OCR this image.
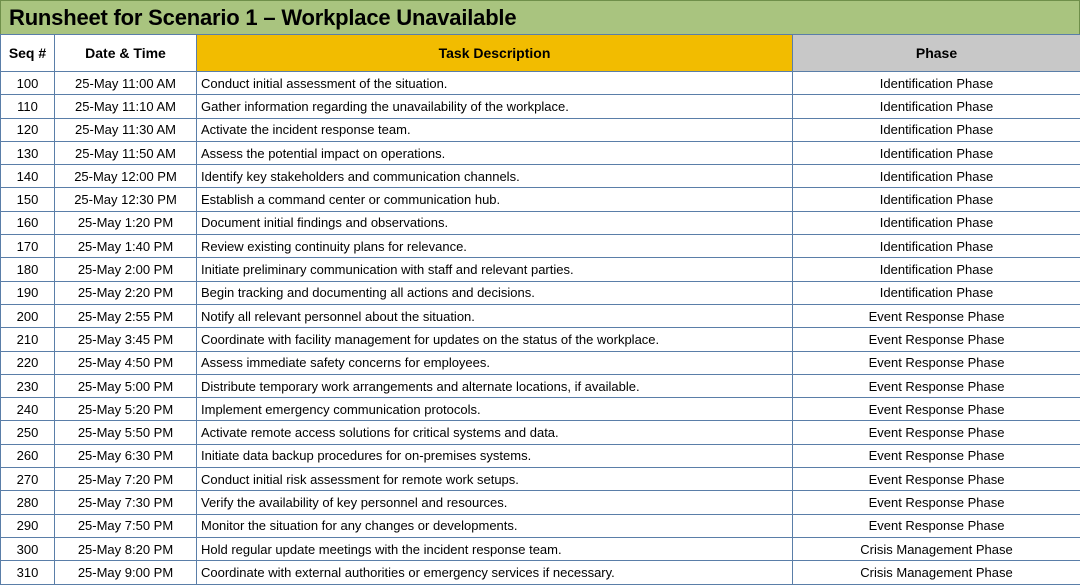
Runsheet for Scenario 1 – Workplace Unavailable
Seq #	Date & Time	Task Description	Phase
100	25-May 11:00 AM	Conduct initial assessment of the situation.	Identification Phase
110	25-May 11:10 AM	Gather information regarding the unavailability of the workplace.	Identification Phase
120	25-May 11:30 AM	Activate the incident response team.	Identification Phase
130	25-May 11:50 AM	Assess the potential impact on operations.	Identification Phase
140	25-May 12:00 PM	Identify key stakeholders and communication channels.	Identification Phase
150	25-May 12:30 PM	Establish a command center or communication hub.	Identification Phase
160	25-May 1:20 PM	Document initial findings and observations.	Identification Phase
170	25-May 1:40 PM	Review existing continuity plans for relevance.	Identification Phase
180	25-May 2:00 PM	Initiate preliminary communication with staff and relevant parties.	Identification Phase
190	25-May 2:20 PM	Begin tracking and documenting all actions and decisions.	Identification Phase
200	25-May 2:55 PM	Notify all relevant personnel about the situation.	Event Response Phase
210	25-May 3:45 PM	Coordinate with facility management for updates on the status of the workplace.	Event Response Phase
220	25-May 4:50 PM	Assess immediate safety concerns for employees.	Event Response Phase
230	25-May 5:00 PM	Distribute temporary work arrangements and alternate locations, if available.	Event Response Phase
240	25-May 5:20 PM	Implement emergency communication protocols.	Event Response Phase
250	25-May 5:50 PM	Activate remote access solutions for critical systems and data.	Event Response Phase
260	25-May 6:30 PM	Initiate data backup procedures for on-premises systems.	Event Response Phase
270	25-May 7:20 PM	Conduct initial risk assessment for remote work setups.	Event Response Phase
280	25-May 7:30 PM	Verify the availability of key personnel and resources.	Event Response Phase
290	25-May 7:50 PM	Monitor the situation for any changes or developments.	Event Response Phase
300	25-May 8:20 PM	Hold regular update meetings with the incident response team.	Crisis Management Phase
310	25-May 9:00 PM	Coordinate with external authorities or emergency services if necessary.	Crisis Management Phase
